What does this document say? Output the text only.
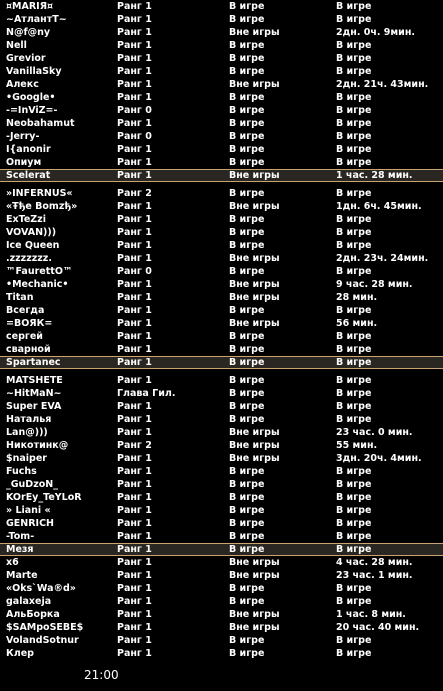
¤MARIЯ¤	Ранг 1	В игре	В игре
~АтлантТ~	Ранг 1	В игре	В игре
N@f@ny	Ранг 1	Вне игры	2дн. 0ч. 9мин.
Nell	Ранг 1	В игре	В игре
Grevior	Ранг 1	В игре	В игре
VanillaSky	Ранг 1	В игре	В игре
Алекс	Ранг 1	Вне игры	2дн. 21ч. 43мин.
•Google•	Ранг 1	В игре	В игре
-=InViZ=-	Ранг 0	В игре	В игре
Neobahamut	Ранг 1	В игре	В игре
-Jerry-	Ранг 0	В игре	В игре
I{anonir	Ранг 1	В игре	В игре
Опиум	Ранг 1	В игре	В игре
Scelerat	Ранг 1	Вне игры	1 час. 28 мин.
»INFERNUS«	Ранг 2	В игре	В игре
«Ŧђe Bomzђ»	Ранг 1	Вне игры	1дн. 6ч. 45мин.
ExTeZzi	Ранг 1	В игре	В игре
VOVAN)))	Ранг 1	В игре	В игре
Ice Queen	Ранг 1	В игре	В игре
.zzzzzzz.	Ранг 1	Вне игры	2дн. 23ч. 24мин.
™FaurettO™	Ранг 0	В игре	В игре
•Mechanic•	Ранг 1	Вне игры	9 час. 28 мин.
Titan	Ранг 1	Вне игры	28 мин.
Всегда	Ранг 1	В игре	В игре
=ВОЯК=	Ранг 1	Вне игры	56 мин.
сергей	Ранг 1	В игре	В игре
сварной	Ранг 1	В игре	В игре
Spartanec	Ранг 1	В игре	В игре
MATSHETE	Ранг 1	В игре	В игре
~HitMaN~	Глава Гил.	В игре	В игре
Super EVA	Ранг 1	В игре	В игре
Наталья	Ранг 1	В игре	В игре
Lan@)))	Ранг 1	Вне игры	23 час. 0 мин.
Никотинк@	Ранг 2	Вне игры	55 мин.
$naiper	Ранг 1	Вне игры	3дн. 20ч. 4мин.
Fuchs	Ранг 1	В игре	В игре
_GuDzoN_	Ранг 1	В игре	В игре
KOrEy_TeYLoR	Ранг 1	В игре	В игре
» Liani «	Ранг 1	В игре	В игре
GENRICH	Ранг 1	В игре	В игре
-Tom-	Ранг 1	В игре	В игре
Мезя	Ранг 1	В игре	В игре
x6	Ранг 1	Вне игры	4 час. 28 мин.
Marte	Ранг 1	Вне игры	23 час. 1 мин.
«Oks`Wa®d»	Ранг 1	В игре	В игре
galaxeja	Ранг 1	В игре	В игре
АльБорка	Ранг 1	Вне игры	1 час. 8 мин.
$SAMpoSEBE$	Ранг 1	Вне игры	20 час. 40 мин.
VolandSotnur	Ранг 1	В игре	В игре
Клер	Ранг 1	В игре	В игре
21:00
